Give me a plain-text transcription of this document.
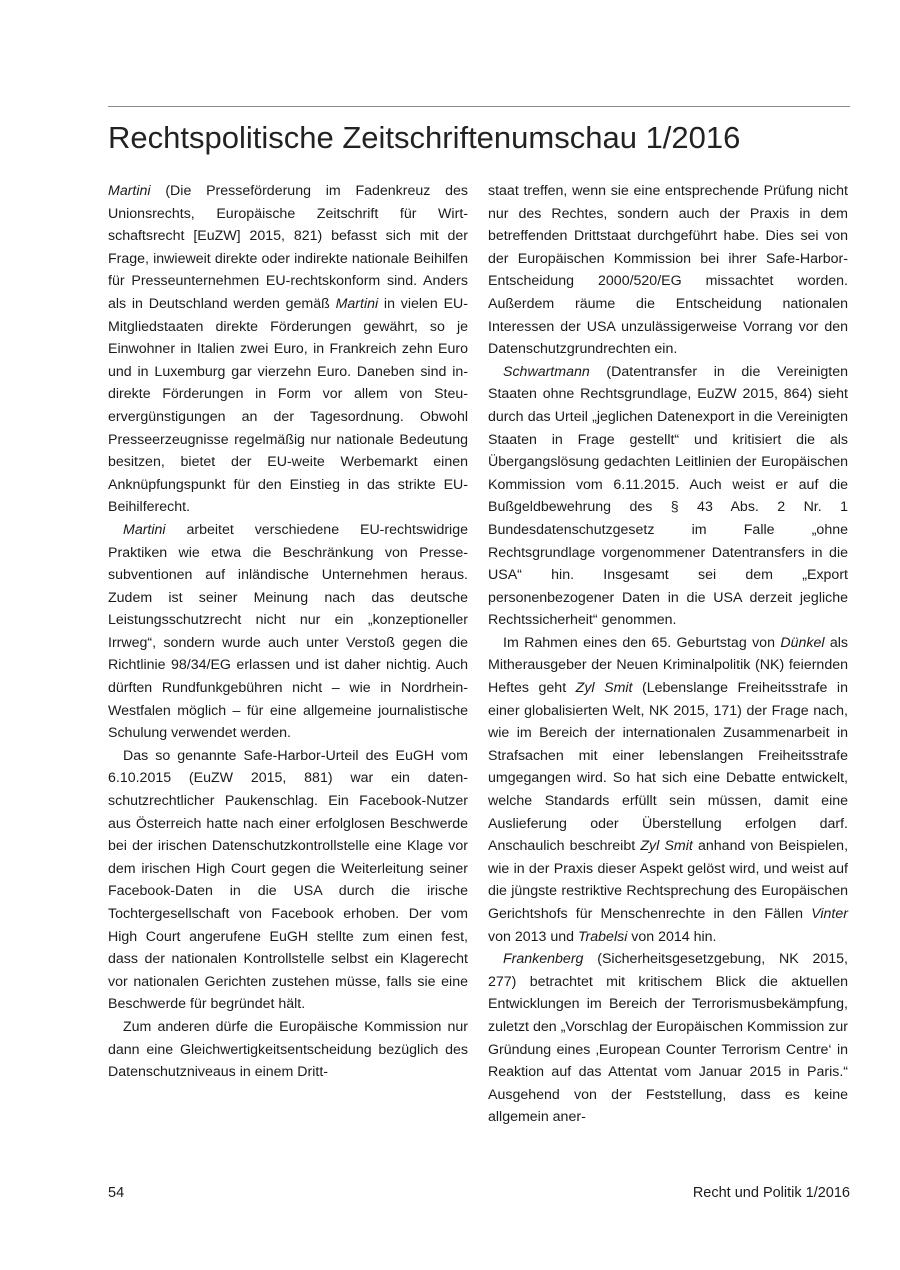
Rechtspolitische Zeitschriftenumschau 1/2016

Martini (Die Presseförderung im Fadenkreuz des Unionsrechts, Europäische Zeitschrift für Wirtschaftsrecht [EuZW] 2015, 821) befasst sich mit der Frage, inwieweit direkte oder indirekte nationale Beihilfen für Presseunternehmen EU-rechtskonform sind. Anders als in Deutschland werden gemäß Martini in vielen EU-Mitgliedstaaten direkte Förderungen gewährt, so je Einwohner in Italien zwei Euro, in Frankreich zehn Euro und in Luxemburg gar vierzehn Euro. Daneben sind indirekte Förderungen in Form vor allem von Steuervergünstigungen an der Tagesordnung. Obwohl Presseerzeugnisse regelmäßig nur nationale Bedeutung besitzen, bietet der EU-weite Werbemarkt einen Anknüpfungspunkt für den Einstieg in das strikte EU-Beihilferecht.

Martini arbeitet verschiedene EU-rechtswidrige Praktiken wie etwa die Beschränkung von Pressesubventionen auf inländische Unternehmen heraus. Zudem ist seiner Meinung nach das deutsche Leistungsschutzrecht nicht nur ein „konzeptioneller Irrweg“, sondern wurde auch unter Verstoß gegen die Richtlinie 98/34/EG erlassen und ist daher nichtig. Auch dürften Rundfunkgebühren nicht – wie in Nordrhein-Westfalen möglich – für eine allgemeine journalistische Schulung verwendet werden.

Das so genannte Safe-Harbor-Urteil des EuGH vom 6.10.2015 (EuZW 2015, 881) war ein datenschutzrechtlicher Paukenschlag. Ein Facebook-Nutzer aus Österreich hatte nach einer erfolglosen Beschwerde bei der irischen Datenschutzkontrollstelle eine Klage vor dem irischen High Court gegen die Weiterleitung seiner Facebook-Daten in die USA durch die irische Tochtergesellschaft von Facebook erhoben. Der vom High Court angerufene EuGH stellte zum einen fest, dass der nationalen Kontrollstelle selbst ein Klagerecht vor nationalen Gerichten zustehen müsse, falls sie eine Beschwerde für begründet hält.

Zum anderen dürfe die Europäische Kommission nur dann eine Gleichwertigkeitsentscheidung bezüglich des Datenschutzniveaus in einem Dritt-

staat treffen, wenn sie eine entsprechende Prüfung nicht nur des Rechtes, sondern auch der Praxis in dem betreffenden Drittstaat durchgeführt habe. Dies sei von der Europäischen Kommission bei ihrer Safe-Harbor-Entscheidung 2000/520/EG missachtet worden. Außerdem räume die Entscheidung nationalen Interessen der USA unzulässigerweise Vorrang vor den Datenschutzgrundrechten ein.

Schwartmann (Datentransfer in die Vereinigten Staaten ohne Rechtsgrundlage, EuZW 2015, 864) sieht durch das Urteil „jeglichen Datenexport in die Vereinigten Staaten in Frage gestellt“ und kritisiert die als Übergangslösung gedachten Leitlinien der Europäischen Kommission vom 6.11.2015. Auch weist er auf die Bußgeldbewehrung des § 43 Abs. 2 Nr. 1 Bundesdatenschutzgesetz im Falle „ohne Rechtsgrundlage vorgenommener Datentransfers in die USA“ hin. Insgesamt sei dem „Export personenbezogener Daten in die USA derzeit jegliche Rechtssicherheit“ genommen.

Im Rahmen eines den 65. Geburtstag von Dünkel als Mitherausgeber der Neuen Kriminalpolitik (NK) feiernden Heftes geht Zyl Smit (Lebenslange Freiheitsstrafe in einer globalisierten Welt, NK 2015, 171) der Frage nach, wie im Bereich der internationalen Zusammenarbeit in Strafsachen mit einer lebenslangen Freiheitsstrafe umgegangen wird. So hat sich eine Debatte entwickelt, welche Standards erfüllt sein müssen, damit eine Auslieferung oder Überstellung erfolgen darf. Anschaulich beschreibt Zyl Smit anhand von Beispielen, wie in der Praxis dieser Aspekt gelöst wird, und weist auf die jüngste restriktive Rechtsprechung des Europäischen Gerichtshofs für Menschenrechte in den Fällen Vinter von 2013 und Trabelsi von 2014 hin.

Frankenberg (Sicherheitsgesetzgebung, NK 2015, 277) betrachtet mit kritischem Blick die aktuellen Entwicklungen im Bereich der Terrorismusbekämpfung, zuletzt den „Vorschlag der Europäischen Kommission zur Gründung eines ‚European Counter Terrorism Centre‘ in Reaktion auf das Attentat vom Januar 2015 in Paris.“ Ausgehend von der Feststellung, dass es keine allgemein aner-

54	Recht und Politik 1/2016
